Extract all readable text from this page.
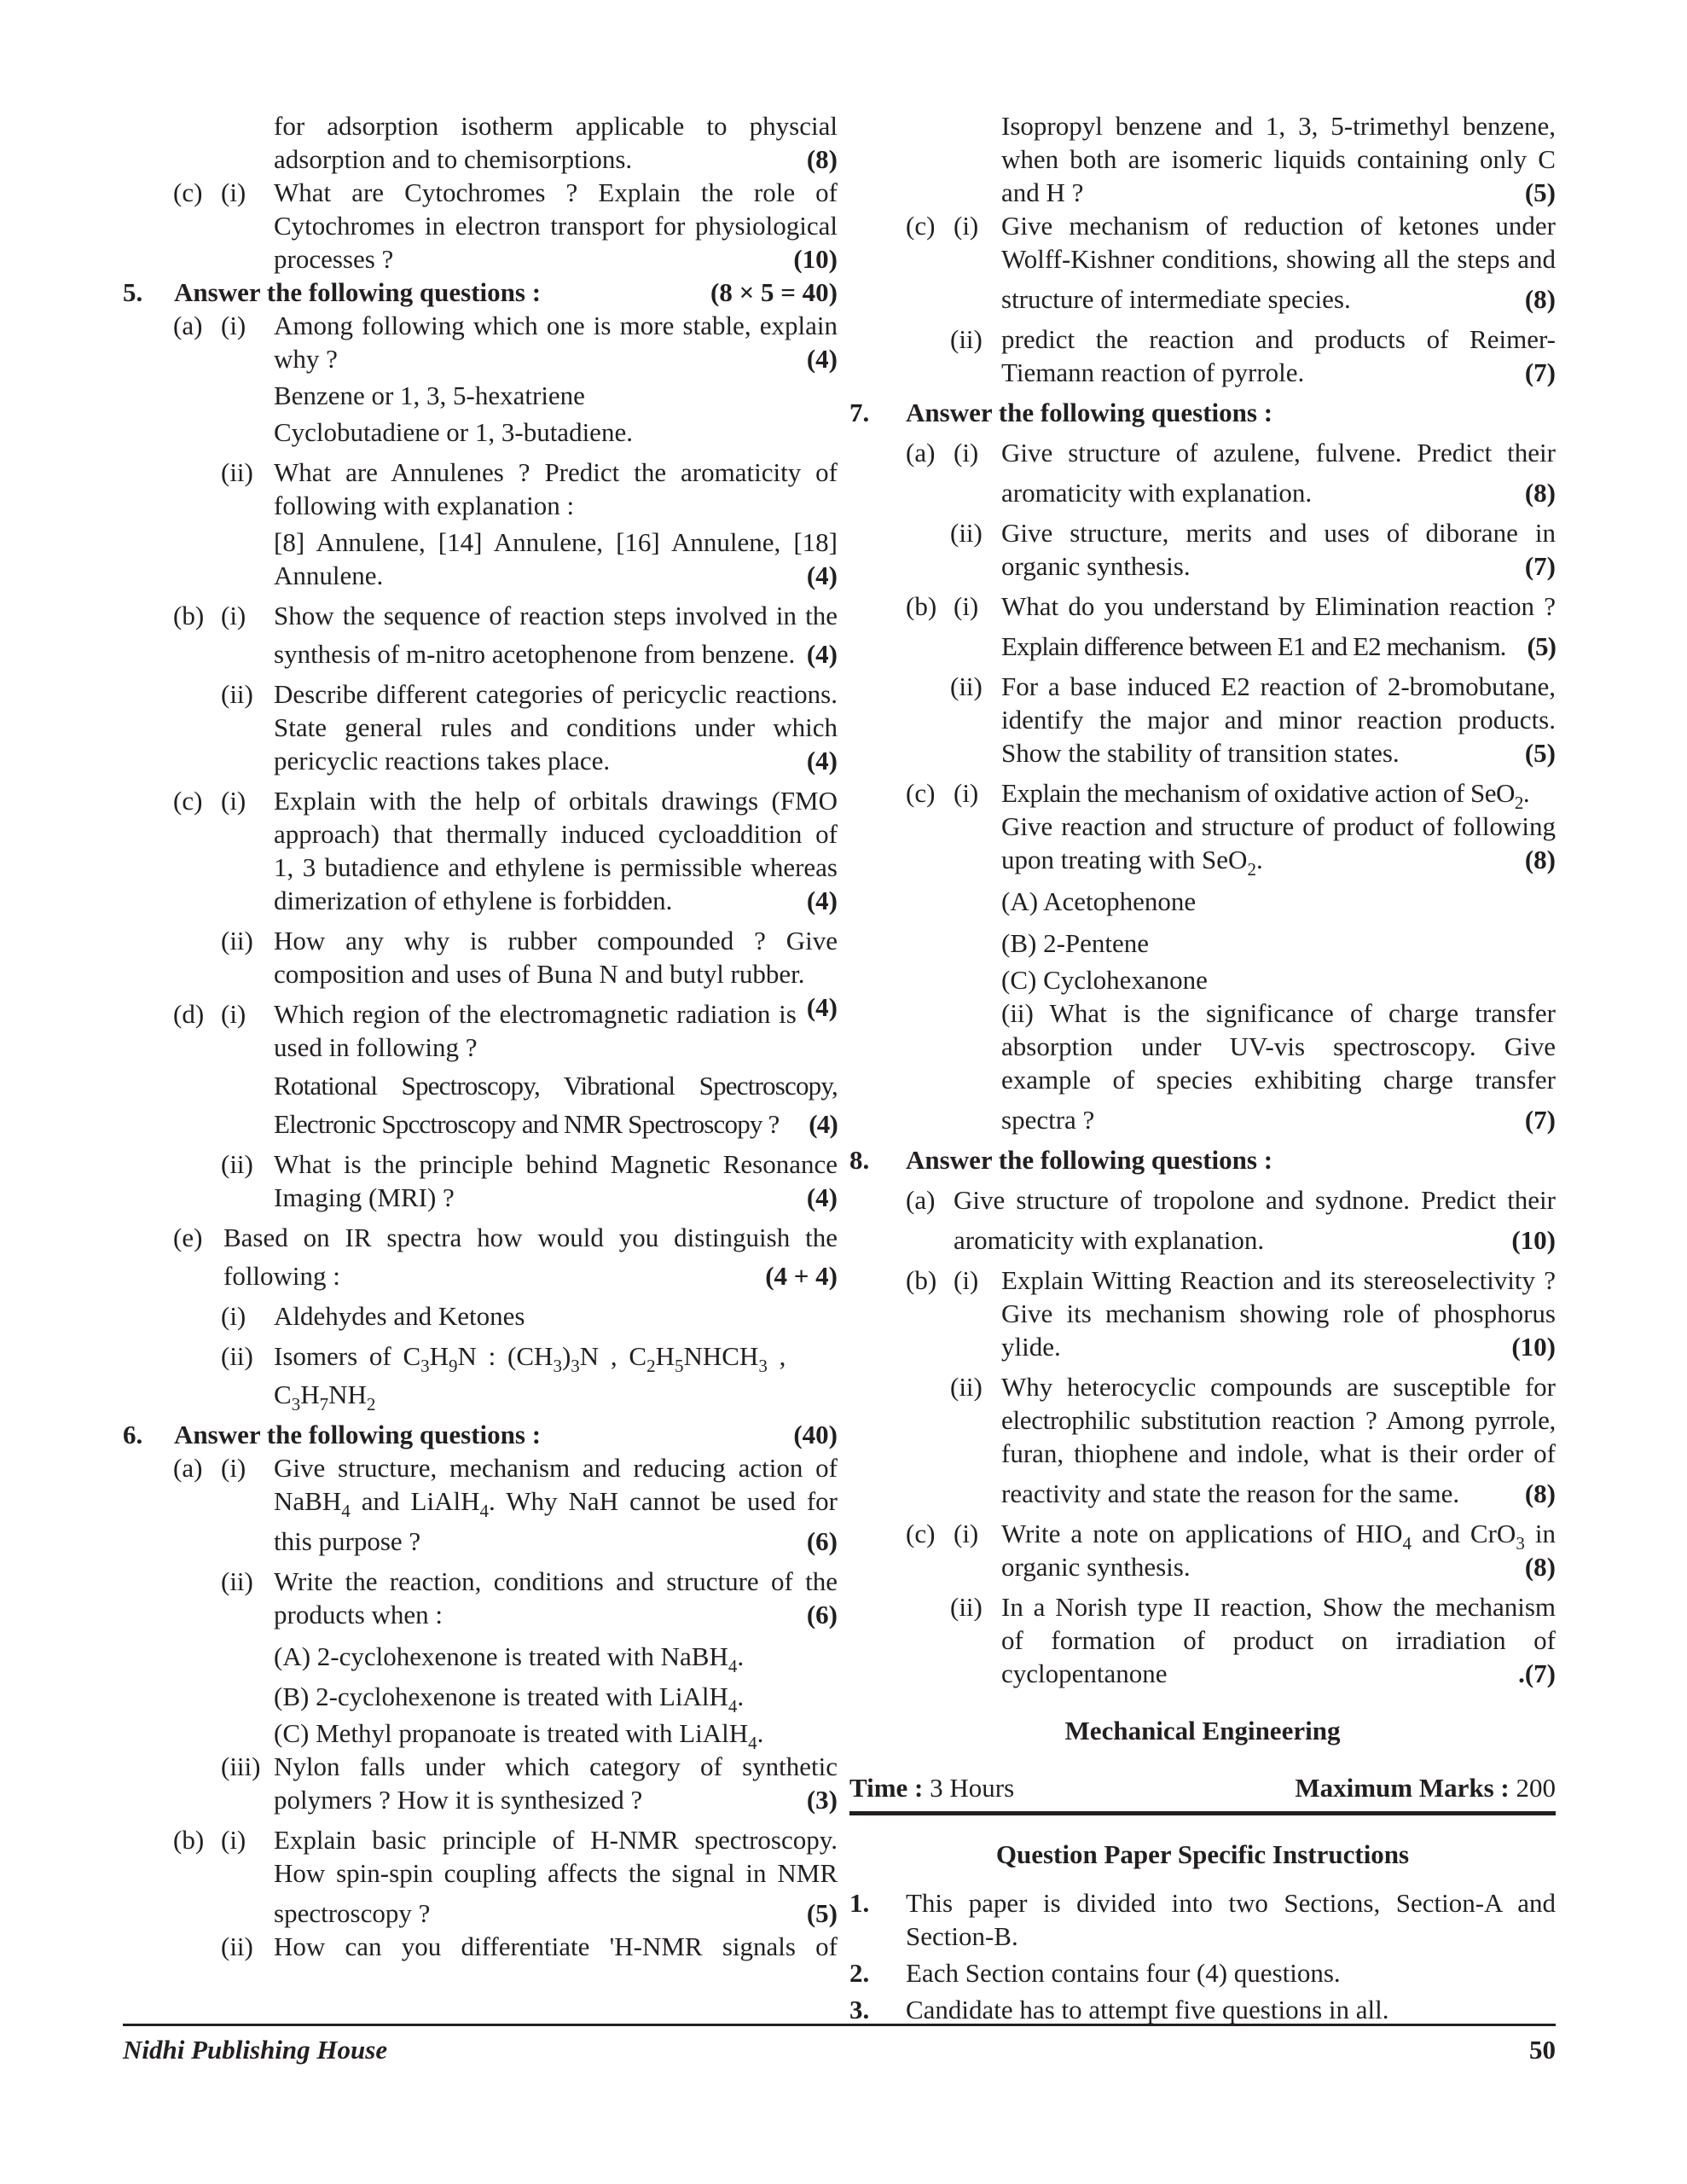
for adsorption isotherm applicable to physcial
adsorption and to chemisorptions.	(8)
(c) (i) What are Cytochromes ? Explain the role of
Cytochromes in electron transport for physiological
processes ?	(10)
5. Answer the following questions :	(8 × 5 = 40)
(a) (i) Among following which one is more stable, explain
why ?	(4)
Benzene or 1, 3, 5-hexatriene
Cyclobutadiene or 1, 3-butadiene.
(ii) What are Annulenes ? Predict the aromaticity of
following with explanation :
[8] Annulene, [14] Annulene, [16] Annulene, [18]
Annulene.	(4)
(b) (i) Show the sequence of reaction steps involved in the
synthesis of m-nitro acetophenone from benzene. (4)
(ii) Describe different categories of pericyclic reactions.
State general rules and conditions under which
pericyclic reactions takes place.	(4)
(c) (i) Explain with the help of orbitals drawings (FMO
approach) that thermally induced cycloaddition of
1, 3 butadience and ethylene is permissible whereas
dimerization of ethylene is forbidden.	(4)
(ii) How any why is rubber compounded ? Give
composition and uses of Buna N and butyl rubber.
(4)
(d) (i) Which region of the electromagnetic radiation is
used in following ?
Rotational Spectroscopy, Vibrational Spectroscopy,
Electronic Spcctroscopy and NMR Spectroscopy ? (4)
(ii) What is the principle behind Magnetic Resonance
Imaging (MRI) ?	(4)
(e) Based on IR spectra how would you distinguish the
following :	(4 + 4)
(i) Aldehydes and Ketones
(ii) Isomers of $C_3H_9N$ : $(CH_3)_3N$ , $C_2H_5NHCH_3$ ,
$C_3H_7NH_2$
6. Answer the following questions :	(40)
(a) (i) Give structure, mechanism and reducing action of
NaBH$_4$ and LiAlH$_4$. Why NaH cannot be used for
this purpose ?	(6)
(ii) Write the reaction, conditions and structure of the
products when :	(6)
(A) 2-cyclohexenone is treated with NaBH$_4$.
(B) 2-cyclohexenone is treated with LiAlH$_4$.
(C) Methyl propanoate is treated with LiAlH$_4$.
(iii) Nylon falls under which category of synthetic
polymers ? How it is synthesized ?	(3)
(b) (i) Explain basic principle of H-NMR spectroscopy.
How spin-spin coupling affects the signal in NMR
spectroscopy ?	(5)
(ii) How can you differentiate 'H-NMR signals of
Isopropyl benzene and 1, 3, 5-trimethyl benzene,
when both are isomeric liquids containing only C
and H ?	(5)
(c) (i) Give mechanism of reduction of ketones under
Wolff-Kishner conditions, showing all the steps and
structure of intermediate species.	(8)
(ii) predict the reaction and products of Reimer-
Tiemann reaction of pyrrole.	(7)
7. Answer the following questions :
(a) (i) Give structure of azulene, fulvene. Predict their
aromaticity with explanation.	(8)
(ii) Give structure, merits and uses of diborane in
organic synthesis.	(7)
(b) (i) What do you understand by Elimination reaction ?
Explain difference between E1 and E2 mechanism. (5)
(ii) For a base induced E2 reaction of 2-bromobutane,
identify the major and minor reaction products.
Show the stability of transition states.	(5)
(c) (i) Explain the mechanism of oxidative action of SeO$_2$.
Give reaction and structure of product of following
upon treating with SeO$_2$.	(8)
(A) Acetophenone
(B) 2-Pentene
(C) Cyclohexanone
(ii) What is the significance of charge transfer
absorption under UV-vis spectroscopy. Give
example of species exhibiting charge transfer
spectra ?	(7)
8. Answer the following questions :
(a) Give structure of tropolone and sydnone. Predict their
aromaticity with explanation.	(10)
(b) (i) Explain Witting Reaction and its stereoselectivity ?
Give its mechanism showing role of phosphorus
ylide.	(10)
(ii) Why heterocyclic compounds are susceptible for
electrophilic substitution reaction ? Among pyrrole,
furan, thiophene and indole, what is their order of
reactivity and state the reason for the same. (8)
(c) (i) Write a note on applications of $HIO_4$ and CrO$_3$ in
organic synthesis.	(8)
(ii) In a Norish type II reaction, Show the mechanism
of formation of product on irradiation of
cyclopentanone	.(7)
Mechanical Engineering
Time : 3 Hours	Maximum Marks : 200
Question Paper Specific Instructions
1. This paper is divided into two Sections, Section-A and
Section-B.
2. Each Section contains four (4) questions.
3. Candidate has to attempt five questions in all.
Nidhi Publishing House	50
